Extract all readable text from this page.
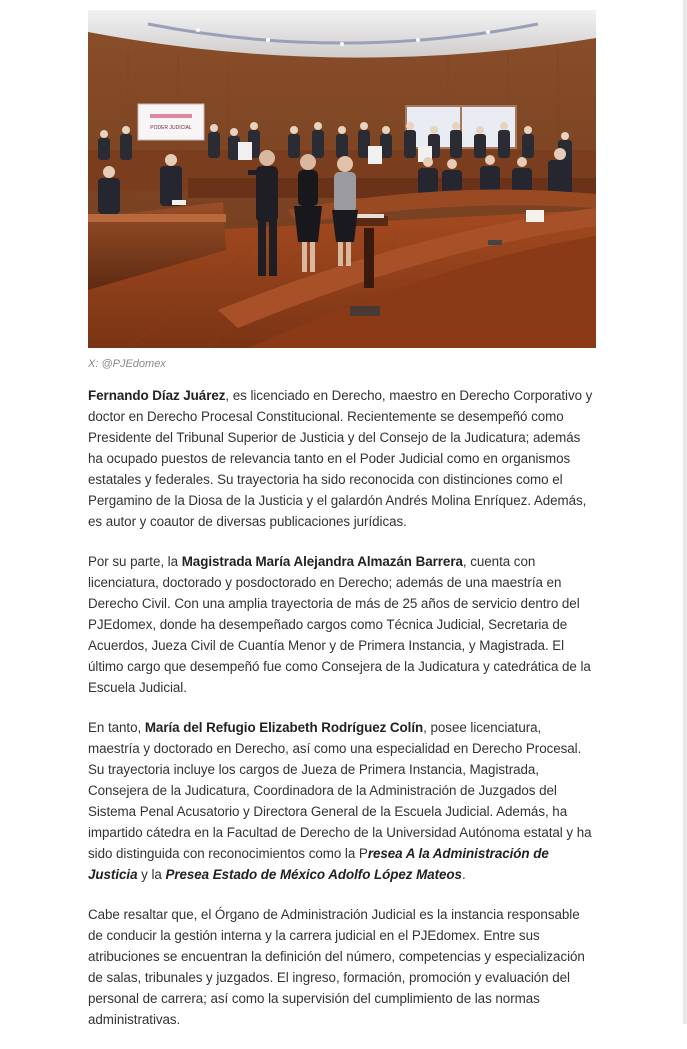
PODER JUDICIAL
X: @PJEdomex

Fernando Díaz Juárez, es licenciado en Derecho, maestro en Derecho Corporativo y doctor en Derecho Procesal Constitucional. Recientemente se desempeñó como Presidente del Tribunal Superior de Justicia y del Consejo de la Judicatura; además ha ocupado puestos de relevancia tanto en el Poder Judicial como en organismos estatales y federales. Su trayectoria ha sido reconocida con distinciones como el Pergamino de la Diosa de la Justicia y el galardón Andrés Molina Enríquez. Además, es autor y coautor de diversas publicaciones jurídicas.

Por su parte, la Magistrada María Alejandra Almazán Barrera, cuenta con licenciatura, doctorado y posdoctorado en Derecho; además de una maestría en Derecho Civil. Con una amplia trayectoria de más de 25 años de servicio dentro del PJEdomex, donde ha desempeñado cargos como Técnica Judicial, Secretaria de Acuerdos, Jueza Civil de Cuantía Menor y de Primera Instancia, y Magistrada. El último cargo que desempeñó fue como Consejera de la Judicatura y catedrática de la Escuela Judicial.

En tanto, María del Refugio Elizabeth Rodríguez Colín, posee licenciatura, maestría y doctorado en Derecho, así como una especialidad en Derecho Procesal. Su trayectoria incluye los cargos de Jueza de Primera Instancia, Magistrada, Consejera de la Judicatura, Coordinadora de la Administración de Juzgados del Sistema Penal Acusatorio y Directora General de la Escuela Judicial. Además, ha impartido cátedra en la Facultad de Derecho de la Universidad Autónoma estatal y ha sido distinguida con reconocimientos como la Presea A la Administración de Justicia y la Presea Estado de México Adolfo López Mateos.

Cabe resaltar que, el Órgano de Administración Judicial es la instancia responsable de conducir la gestión interna y la carrera judicial en el PJEdomex. Entre sus atribuciones se encuentran la definición del número, competencias y especialización de salas, tribunales y juzgados. El ingreso, formación, promoción y evaluación del personal de carrera; así como la supervisión del cumplimiento de las normas administrativas.
